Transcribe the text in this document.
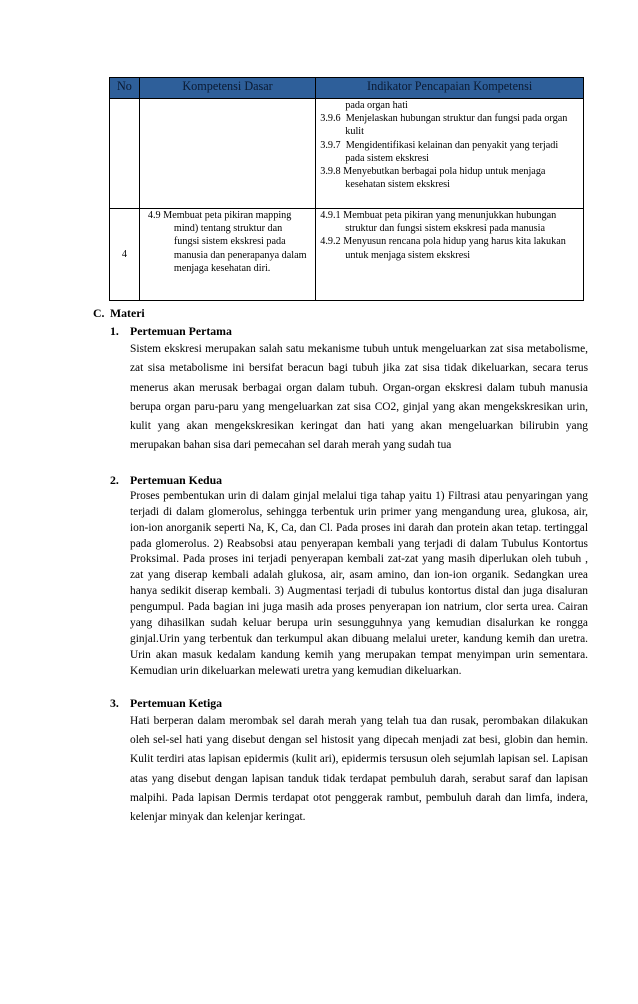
No	Kompetensi Dasar	Indikator Pencapaian Kompetensi

		pada organ hati
3.9.6 Menjelaskan hubungan struktur dan fungsi pada organ kulit
3.9.7 Mengidentifikasi kelainan dan penyakit yang terjadi pada sistem ekskresi
3.9.8 Menyebutkan berbagai pola hidup untuk menjaga kesehatan sistem ekskresi

4	4.9 Membuat peta pikiran mapping mind) tentang struktur dan fungsi sistem ekskresi pada manusia dan penerapanya dalam menjaga kesehatan diri.	4.9.1 Membuat peta pikiran yang menunjukkan hubungan struktur dan fungsi sistem ekskresi pada manusia
4.9.2 Menyusun rencana pola hidup yang harus kita lakukan untuk menjaga sistem ekskresi
C. Materi
1. Pertemuan Pertama
Sistem ekskresi merupakan salah satu mekanisme tubuh untuk mengeluarkan zat sisa metabolisme, zat sisa metabolisme ini bersifat beracun bagi tubuh jika zat sisa tidak dikeluarkan, secara terus menerus akan merusak berbagai organ dalam tubuh. Organ-organ ekskresi dalam tubuh manusia berupa organ paru-paru yang mengeluarkan zat sisa CO2, ginjal yang akan mengekskresikan urin, kulit yang akan mengekskresikan keringat dan hati yang akan mengeluarkan bilirubin yang merupakan bahan sisa dari pemecahan sel darah merah yang sudah tua
2. Pertemuan Kedua
Proses pembentukan urin di dalam ginjal melalui tiga tahap yaitu 1) Filtrasi atau penyaringan yang terjadi di dalam glomerolus, sehingga terbentuk urin primer yang mengandung urea, glukosa, air, ion-ion anorganik seperti Na, K, Ca, dan Cl. Pada proses ini darah dan protein akan tetap. tertinggal pada glomerolus. 2) Reabsobsi atau penyerapan kembali yang terjadi di dalam Tubulus Kontortus Proksimal. Pada proses ini terjadi penyerapan kembali zat-zat yang masih diperlukan oleh tubuh , zat yang diserap kembali adalah glukosa, air, asam amino, dan ion-ion organik. Sedangkan urea hanya sedikit diserap kembali. 3) Augmentasi terjadi di tubulus kontortus distal dan juga disaluran pengumpul. Pada bagian ini juga masih ada proses penyerapan ion natrium, clor serta urea. Cairan yang dihasilkan sudah keluar berupa urin sesungguhnya yang kemudian disalurkan ke rongga ginjal.Urin yang terbentuk dan terkumpul akan dibuang melalui ureter, kandung kemih dan uretra. Urin akan masuk kedalam kandung kemih yang merupakan tempat menyimpan urin sementara. Kemudian urin dikeluarkan melewati uretra yang kemudian dikeluarkan.
3. Pertemuan Ketiga
Hati berperan dalam merombak sel darah merah yang telah tua dan rusak, perombakan dilakukan oleh sel-sel hati yang disebut dengan sel histosit yang dipecah menjadi zat besi, globin dan hemin. Kulit terdiri atas lapisan epidermis (kulit ari), epidermis tersusun oleh sejumlah lapisan sel. Lapisan atas yang disebut dengan lapisan tanduk tidak terdapat pembuluh darah, serabut saraf dan lapisan malpihi. Pada lapisan Dermis terdapat otot penggerak rambut, pembuluh darah dan limfa, indera, kelenjar minyak dan kelenjar keringat.
